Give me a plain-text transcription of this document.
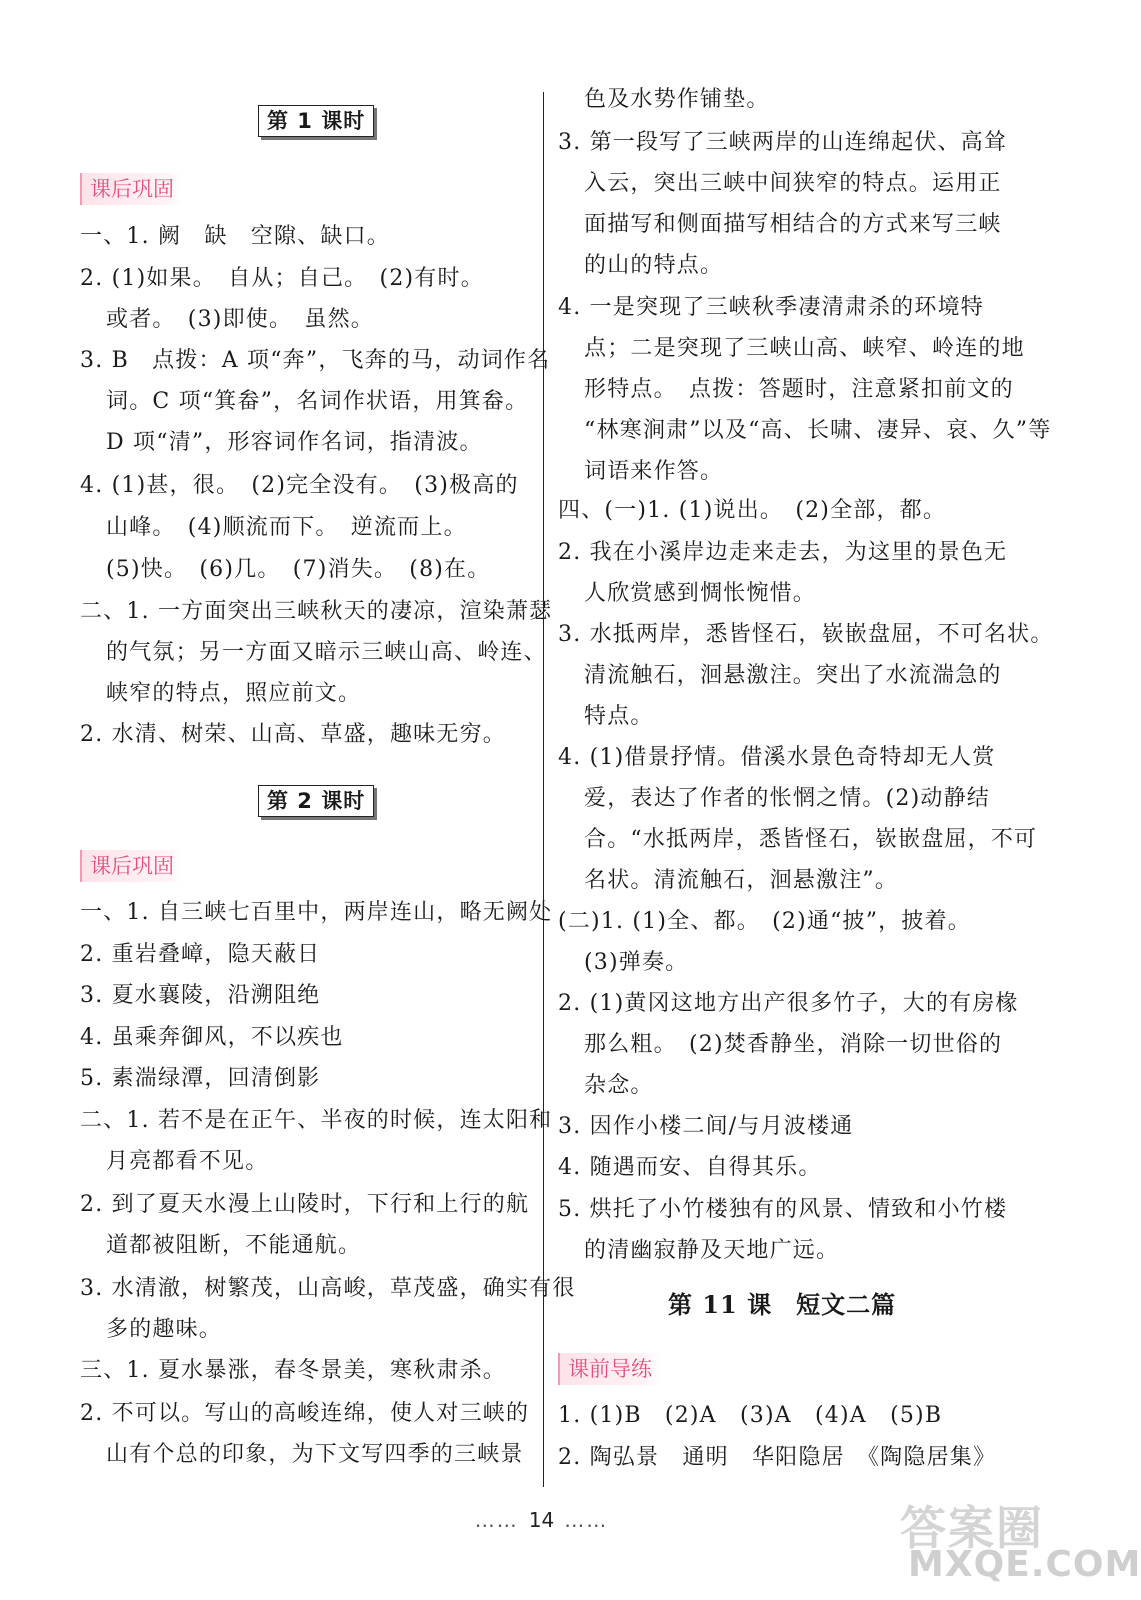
第 1 课时
课后巩固
一、1. 阙　缺　空隙、缺口。
2. (1)如果。　自从；自己。　(2)有时。
或者。　(3)即使。　虽然。
3. B　点拨：A 项“奔”，飞奔的马，动词作名
词。C 项“箕畚”，名词作状语，用箕畚。
D 项“清”，形容词作名词，指清波。
4. (1)甚，很。　(2)完全没有。　(3)极高的
山峰。　(4)顺流而下。　逆流而上。
(5)快。　(6)几。　(7)消失。　(8)在。
二、1. 一方面突出三峡秋天的凄凉，渲染萧瑟
的气氛；另一方面又暗示三峡山高、岭连、
峡窄的特点，照应前文。
2. 水清、树荣、山高、草盛，趣味无穷。
第 2 课时
课后巩固
一、1. 自三峡七百里中，两岸连山，略无阙处
2. 重岩叠嶂，隐天蔽日
3. 夏水襄陵，沿溯阻绝
4. 虽乘奔御风，不以疾也
5. 素湍绿潭，回清倒影
二、1. 若不是在正午、半夜的时候，连太阳和
月亮都看不见。
2. 到了夏天水漫上山陵时，下行和上行的航
道都被阻断，不能通航。
3. 水清澈，树繁茂，山高峻，草茂盛，确实有很
多的趣味。
三、1. 夏水暴涨，春冬景美，寒秋肃杀。
2. 不可以。写山的高峻连绵，使人对三峡的
山有个总的印象，为下文写四季的三峡景
色及水势作铺垫。
3. 第一段写了三峡两岸的山连绵起伏、高耸
入云，突出三峡中间狭窄的特点。运用正
面描写和侧面描写相结合的方式来写三峡
的山的特点。
4. 一是突现了三峡秋季凄清肃杀的环境特
点；二是突现了三峡山高、峡窄、岭连的地
形特点。　点拨：答题时，注意紧扣前文的
“林寒涧肃”以及“高、长啸、凄异、哀、久”等
词语来作答。
四、(一)1. (1)说出。　(2)全部，都。
2. 我在小溪岸边走来走去，为这里的景色无
人欣赏感到惆怅惋惜。
3. 水抵两岸，悉皆怪石，嵚嵌盘屈，不可名状。
清流触石，洄悬激注。突出了水流湍急的
特点。
4. (1)借景抒情。借溪水景色奇特却无人赏
爱，表达了作者的怅惘之情。(2)动静结
合。“水抵两岸，悉皆怪石，嵚嵌盘屈，不可
名状。清流触石，洄悬激注”。
(二)1. (1)全、都。　(2)通“披”，披着。
(3)弹奏。
2. (1)黄冈这地方出产很多竹子，大的有房椽
那么粗。　(2)焚香静坐，消除一切世俗的
杂念。
3. 因作小楼二间/与月波楼通
4. 随遇而安、自得其乐。
5. 烘托了小竹楼独有的风景、情致和小竹楼
的清幽寂静及天地广远。
第 11 课 短文二篇
课前导练
1. (1)B　(2)A　(3)A　(4)A　(5)B
2. 陶弘景　通明　华阳隐居　《陶隐居集》
…… 14 ……	答案圈
MXQE.COM
